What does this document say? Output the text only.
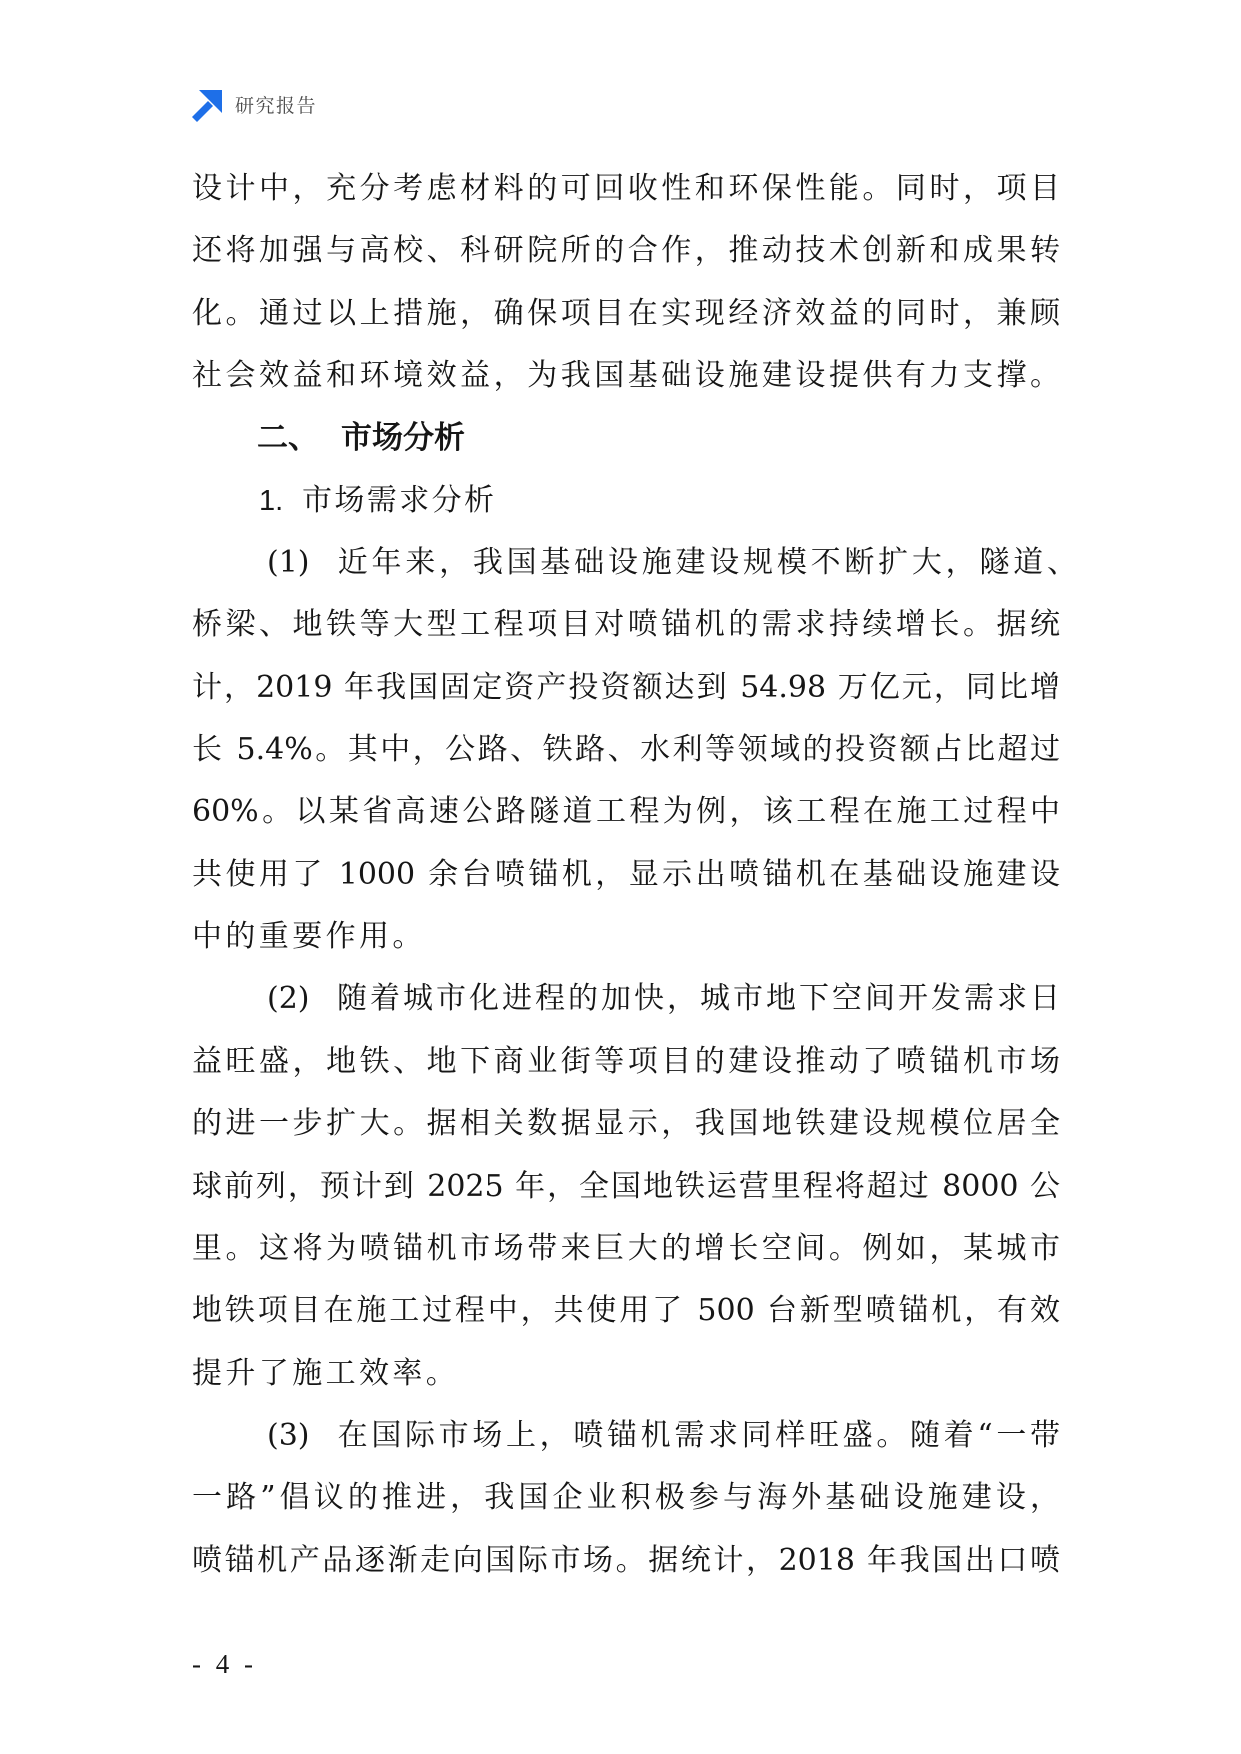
研究报告
设计中，充分考虑材料的可回收性和环保性能。同时，项目
还将加强与高校、科研院所的合作，推动技术创新和成果转
化。通过以上措施，确保项目在实现经济效益的同时，兼顾
社会效益和环境效益，为我国基础设施建设提供有力支撑。
二、 市场分析
1. 市场需求分析
(1) 近年来，我国基础设施建设规模不断扩大，隧道、
桥梁、地铁等大型工程项目对喷锚机的需求持续增长。据统
计，2019 年我国固定资产投资额达到 54.98 万亿元，同比增
长 5.4%。其中，公路、铁路、水利等领域的投资额占比超过
60%。以某省高速公路隧道工程为例，该工程在施工过程中
共使用了 1000 余台喷锚机，显示出喷锚机在基础设施建设
中的重要作用。
(2) 随着城市化进程的加快，城市地下空间开发需求日
益旺盛，地铁、地下商业街等项目的建设推动了喷锚机市场
的进一步扩大。据相关数据显示，我国地铁建设规模位居全
球前列，预计到 2025 年，全国地铁运营里程将超过 8000 公
里。这将为喷锚机市场带来巨大的增长空间。例如，某城市
地铁项目在施工过程中，共使用了 500 台新型喷锚机，有效
提升了施工效率。
(3) 在国际市场上，喷锚机需求同样旺盛。随着“一带
一路”倡议的推进，我国企业积极参与海外基础设施建设，
喷锚机产品逐渐走向国际市场。据统计，2018 年我国出口喷
- 4 -
